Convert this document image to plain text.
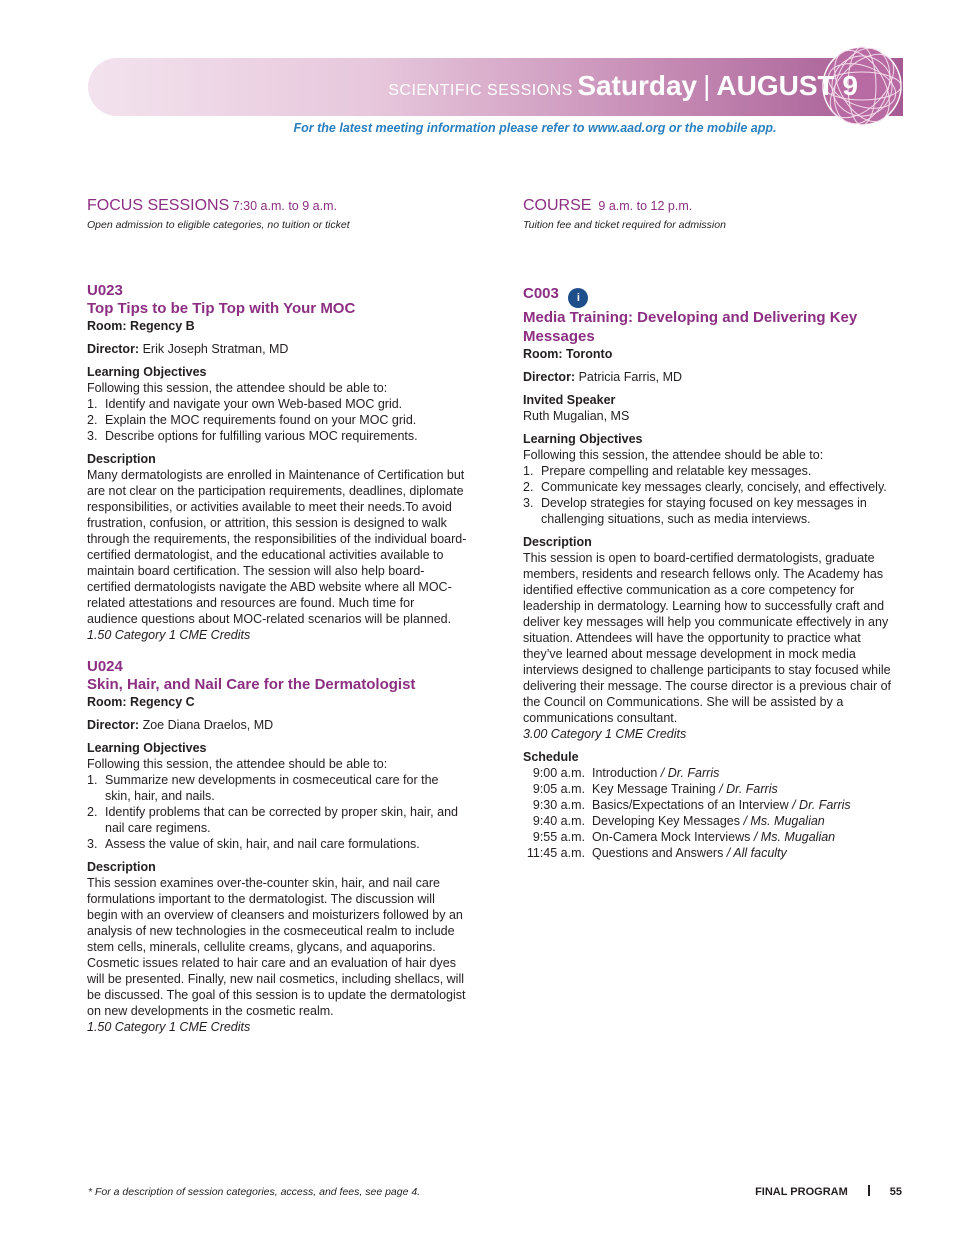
SCIENTIFIC SESSIONS Saturday | AUGUST 9
For the latest meeting information please refer to www.aad.org or the mobile app.
FOCUS SESSIONS 7:30 a.m. to 9 a.m.
Open admission to eligible categories, no tuition or ticket
U023
Top Tips to be Tip Top with Your MOC
Room: Regency B
Director: Erik Joseph Stratman, MD
Learning Objectives
Following this session, the attendee should be able to:
1. Identify and navigate your own Web-based MOC grid.
2. Explain the MOC requirements found on your MOC grid.
3. Describe options for fulfilling various MOC requirements.
Description
Many dermatologists are enrolled in Maintenance of Certification but are not clear on the participation requirements, deadlines, diplomate responsibilities, or activities available to meet their needs.To avoid frustration, confusion, or attrition, this session is designed to walk through the requirements, the responsibilities of the individual board-certified dermatologist, and the educational activities available to maintain board certification. The session will also help board-certified dermatologists navigate the ABD website where all MOC-related attestations and resources are found. Much time for audience questions about MOC-related scenarios will be planned.
1.50 Category 1 CME Credits
U024
Skin, Hair, and Nail Care for the Dermatologist
Room: Regency C
Director: Zoe Diana Draelos, MD
Learning Objectives
Following this session, the attendee should be able to:
1. Summarize new developments in cosmeceutical care for the skin, hair, and nails.
2. Identify problems that can be corrected by proper skin, hair, and nail care regimens.
3. Assess the value of skin, hair, and nail care formulations.
Description
This session examines over-the-counter skin, hair, and nail care formulations important to the dermatologist. The discussion will begin with an overview of cleansers and moisturizers followed by an analysis of new technologies in the cosmeceutical realm to include stem cells, minerals, cellulite creams, glycans, and aquaporins. Cosmetic issues related to hair care and an evaluation of hair dyes will be presented. Finally, new nail cosmetics, including shellacs, will be discussed. The goal of this session is to update the dermatologist on new developments in the cosmetic realm.
1.50 Category 1 CME Credits
COURSE 9 a.m. to 12 p.m.
Tuition fee and ticket required for admission
C003 i
Media Training: Developing and Delivering Key Messages
Room: Toronto
Director: Patricia Farris, MD
Invited Speaker
Ruth Mugalian, MS
Learning Objectives
Following this session, the attendee should be able to:
1. Prepare compelling and relatable key messages.
2. Communicate key messages clearly, concisely, and effectively.
3. Develop strategies for staying focused on key messages in challenging situations, such as media interviews.
Description
This session is open to board-certified dermatologists, graduate members, residents and research fellows only. The Academy has identified effective communication as a core competency for leadership in dermatology. Learning how to successfully craft and deliver key messages will help you communicate effectively in any situation. Attendees will have the opportunity to practice what they’ve learned about message development in mock media interviews designed to challenge participants to stay focused while delivering their message. The course director is a previous chair of the Council on Communications. She will be assisted by a communications consultant.
3.00 Category 1 CME Credits
Schedule
9:00 a.m. Introduction / Dr. Farris
9:05 a.m. Key Message Training / Dr. Farris
9:30 a.m. Basics/Expectations of an Interview / Dr. Farris
9:40 a.m. Developing Key Messages / Ms. Mugalian
9:55 a.m. On-Camera Mock Interviews / Ms. Mugalian
11:45 a.m. Questions and Answers / All faculty
* For a description of session categories, access, and fees, see page 4.	FINAL PROGRAM	55
